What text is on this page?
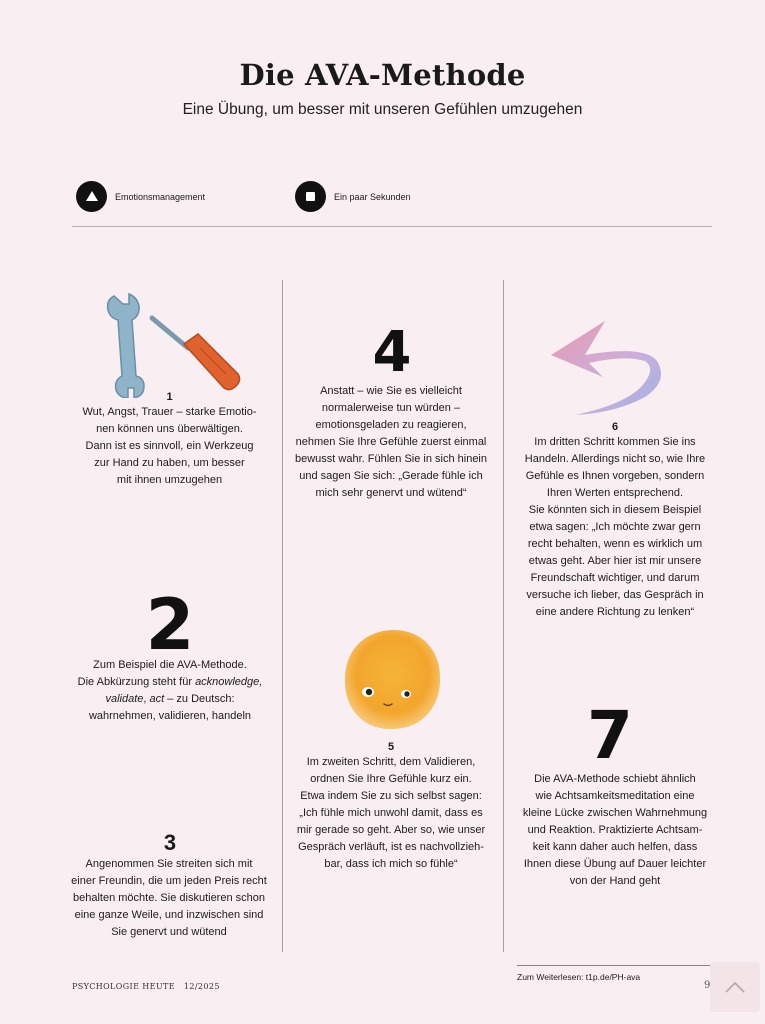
Die AVA-Methode
Eine Übung, um besser mit unseren Gefühlen umzugehen
Emotionsmanagement	Ein paar Sekunden
1
Wut, Angst, Trauer – starke Emotio-
nen können uns überwältigen.
Dann ist es sinnvoll, ein Werkzeug
zur Hand zu haben, um besser
mit ihnen umzugehen
2
Zum Beispiel die AVA-Methode.
Die Abkürzung steht für acknowledge,
validate, act – zu Deutsch:
wahrnehmen, validieren, handeln
3
Angenommen Sie streiten sich mit
einer Freundin, die um jeden Preis recht
behalten möchte. Sie diskutieren schon
eine ganze Weile, und inzwischen sind
Sie genervt und wütend
4
Anstatt – wie Sie es vielleicht
normalerweise tun würden –
emotionsgeladen zu reagieren,
nehmen Sie Ihre Gefühle zuerst einmal
bewusst wahr. Fühlen Sie in sich hinein
und sagen Sie sich: „Gerade fühle ich
mich sehr genervt und wütend“
5
Im zweiten Schritt, dem Validieren,
ordnen Sie Ihre Gefühle kurz ein.
Etwa indem Sie zu sich selbst sagen:
„Ich fühle mich unwohl damit, dass es
mir gerade so geht. Aber so, wie unser
Gespräch verläuft, ist es nachvollzieh-
bar, dass ich mich so fühle“
6
Im dritten Schritt kommen Sie ins
Handeln. Allerdings nicht so, wie Ihre
Gefühle es Ihnen vorgeben, sondern
Ihren Werten entsprechend.
Sie könnten sich in diesem Beispiel
etwa sagen: „Ich möchte zwar gern
recht behalten, wenn es wirklich um
etwas geht. Aber hier ist mir unsere
Freundschaft wichtiger, und darum
versuche ich lieber, das Gespräch in
eine andere Richtung zu lenken“
7
Die AVA-Methode schiebt ähnlich
wie Achtsamkeitsmeditation eine
kleine Lücke zwischen Wahrnehmung
und Reaktion. Praktizierte Achtsam-
keit kann daher auch helfen, dass
Ihnen diese Übung auf Dauer leichter
von der Hand geht
PSYCHOLOGIE HEUTE 12/2025
Zum Weiterlesen: t1p.de/PH-ava
9
